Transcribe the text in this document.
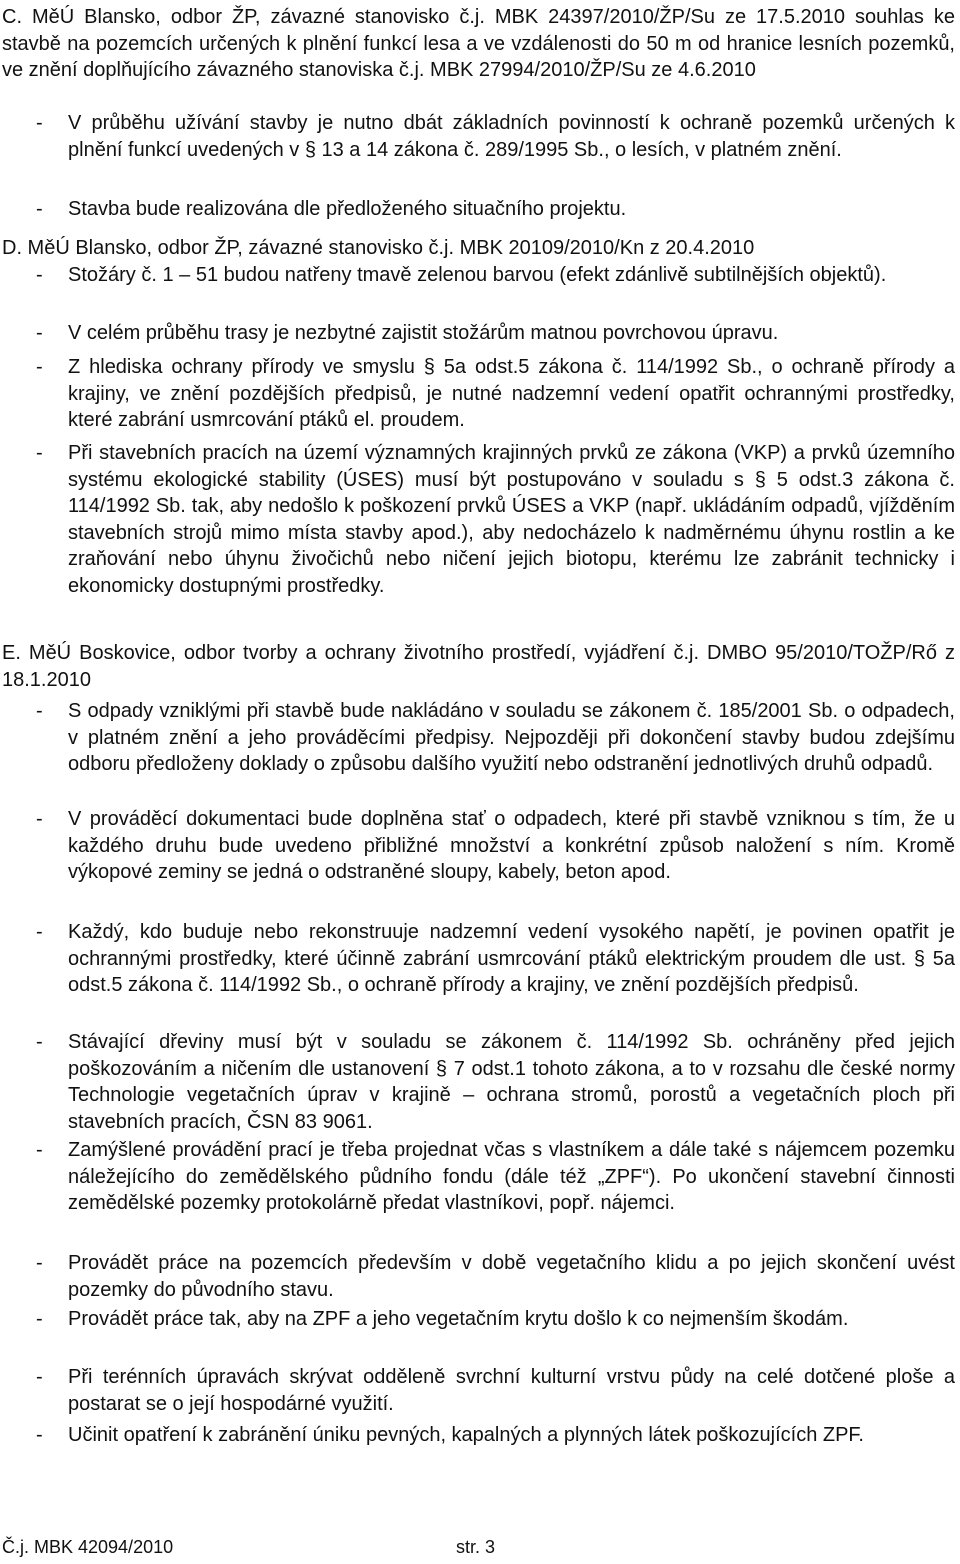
C. MěÚ Blansko, odbor ŽP, závazné stanovisko č.j. MBK 24397/2010/ŽP/Su ze 17.5.2010 souhlas ke stavbě na pozemcích určených k plnění funkcí lesa a ve vzdálenosti do 50 m od hranice lesních pozemků, ve znění doplňujícího závazného stanoviska č.j. MBK 27994/2010/ŽP/Su ze 4.6.2010
-	V průběhu užívání stavby je nutno dbát základních povinností k ochraně pozemků určených k plnění funkcí uvedených v § 13 a 14 zákona č. 289/1995 Sb., o lesích, v platném znění.
-	Stavba bude realizována dle předloženého situačního projektu.
D. MěÚ Blansko, odbor ŽP, závazné stanovisko č.j. MBK 20109/2010/Kn z 20.4.2010
-	Stožáry č. 1 – 51 budou natřeny tmavě zelenou barvou (efekt zdánlivě subtilnějších objektů).
-	V celém průběhu trasy je nezbytné zajistit stožárům matnou povrchovou úpravu.
-	Z hlediska ochrany přírody ve smyslu § 5a odst.5 zákona č. 114/1992 Sb., o ochraně přírody a krajiny, ve znění pozdějších předpisů, je nutné nadzemní vedení opatřit ochrannými prostředky, které zabrání usmrcování ptáků el. proudem.
-	Při stavebních pracích na území významných krajinných prvků ze zákona (VKP) a prvků územního systému ekologické stability (ÚSES) musí být postupováno v souladu s § 5 odst.3 zákona č. 114/1992 Sb. tak, aby nedošlo k poškození prvků ÚSES a VKP (např. ukládáním odpadů, vjížděním stavebních strojů mimo místa stavby apod.), aby nedocházelo k nadměrnému úhynu rostlin a ke zraňování nebo úhynu živočichů nebo ničení jejich biotopu, kterému lze zabránit technicky i ekonomicky dostupnými prostředky.
E. MěÚ Boskovice, odbor tvorby a ochrany životního prostředí, vyjádření č.j. DMBO 95/2010/TOŽP/Rő z 18.1.2010
-	S odpady vzniklými při stavbě bude nakládáno v souladu se zákonem č. 185/2001 Sb. o odpadech, v platném znění a jeho prováděcími předpisy. Nejpozději při dokončení stavby budou zdejšímu odboru předloženy doklady o způsobu dalšího využití nebo odstranění jednotlivých druhů odpadů.
-	V prováděcí dokumentaci bude doplněna stať o odpadech, které při stavbě vzniknou s tím, že u každého druhu bude uvedeno přibližné množství a konkrétní způsob naložení s ním. Kromě výkopové zeminy se jedná o odstraněné sloupy, kabely, beton apod.
-	Každý, kdo buduje nebo rekonstruuje nadzemní vedení vysokého napětí, je povinen opatřit je ochrannými prostředky, které účinně zabrání usmrcování ptáků elektrickým proudem dle ust. § 5a odst.5 zákona č. 114/1992 Sb., o ochraně přírody a krajiny, ve znění pozdějších předpisů.
-	Stávající dřeviny musí být v souladu se zákonem č. 114/1992 Sb. ochráněny před jejich poškozováním a ničením dle ustanovení § 7 odst.1 tohoto zákona, a to v rozsahu dle české normy Technologie vegetačních úprav v krajině – ochrana stromů, porostů a vegetačních ploch při stavebních pracích, ČSN 83 9061.
-	Zamýšlené provádění prací je třeba projednat včas s vlastníkem a dále také s nájemcem pozemku náležejícího do zemědělského půdního fondu (dále též „ZPF“). Po ukončení stavební činnosti zemědělské pozemky protokolárně předat vlastníkovi, popř. nájemci.
-	Provádět práce na pozemcích především v době vegetačního klidu a po jejich skončení uvést pozemky do původního stavu.
-	Provádět práce tak, aby na ZPF a jeho vegetačním krytu došlo k co nejmenším škodám.
-	Při terénních úpravách skrývat odděleně svrchní kulturní vrstvu půdy na celé dotčené ploše a postarat se o její hospodárné využití.
-	Učinit opatření k zabránění úniku pevných, kapalných a plynných látek poškozujících ZPF.
Č.j. MBK 42094/2010	str. 3
